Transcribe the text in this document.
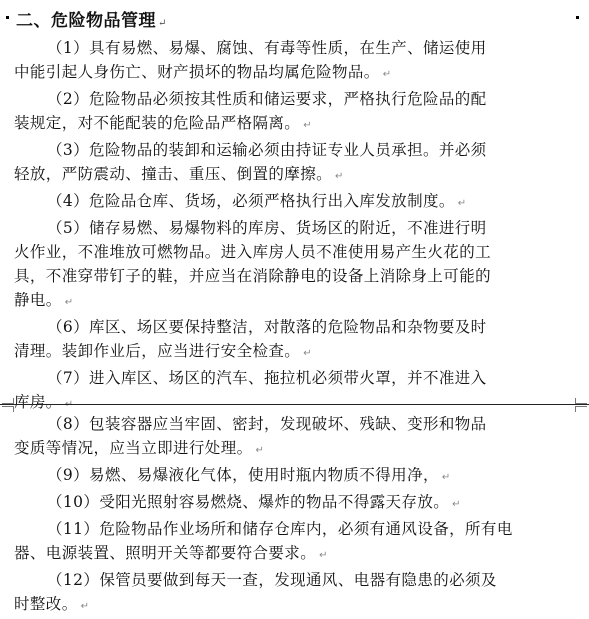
二、危险物品管理 ↵
（1）具有易燃、易爆、腐蚀、有毒等性质，在生产、储运使用
中能引起人身伤亡、财产损坏的物品均属危险物品。 ↵
（2）危险物品必须按其性质和储运要求，严格执行危险品的配
装规定，对不能配装的危险品严格隔离。 ↵
（3）危险物品的装卸和运输必须由持证专业人员承担。并必须
轻放，严防震动、撞击、重压、倒置的摩擦。 ↵
（4）危险品仓库、货场，必须严格执行出入库发放制度。 ↵
（5）储存易燃、易爆物料的库房、货场区的附近，不准进行明
火作业，不准堆放可燃物品。进入库房人员不准使用易产生火花的工
具，不准穿带钉子的鞋，并应当在消除静电的设备上消除身上可能的
静电。 ↵
（6）库区、场区要保持整洁，对散落的危险物品和杂物要及时
清理。装卸作业后，应当进行安全检查。 ↵
（7）进入库区、场区的汽车、拖拉机必须带火罩，并不准进入
库房。 ↵
（8）包装容器应当牢固、密封，发现破坏、残缺、变形和物品
变质等情况，应当立即进行处理。 ↵
（9）易燃、易爆液化气体，使用时瓶内物质不得用净， ↵
（10）受阳光照射容易燃烧、爆炸的物品不得露天存放。 ↵
（11）危险物品作业场所和储存仓库内，必须有通风设备，所有电
器、电源装置、照明开关等都要符合要求。 ↵
（12）保管员要做到每天一查，发现通风、电器有隐患的必须及
时整改。 ↵
